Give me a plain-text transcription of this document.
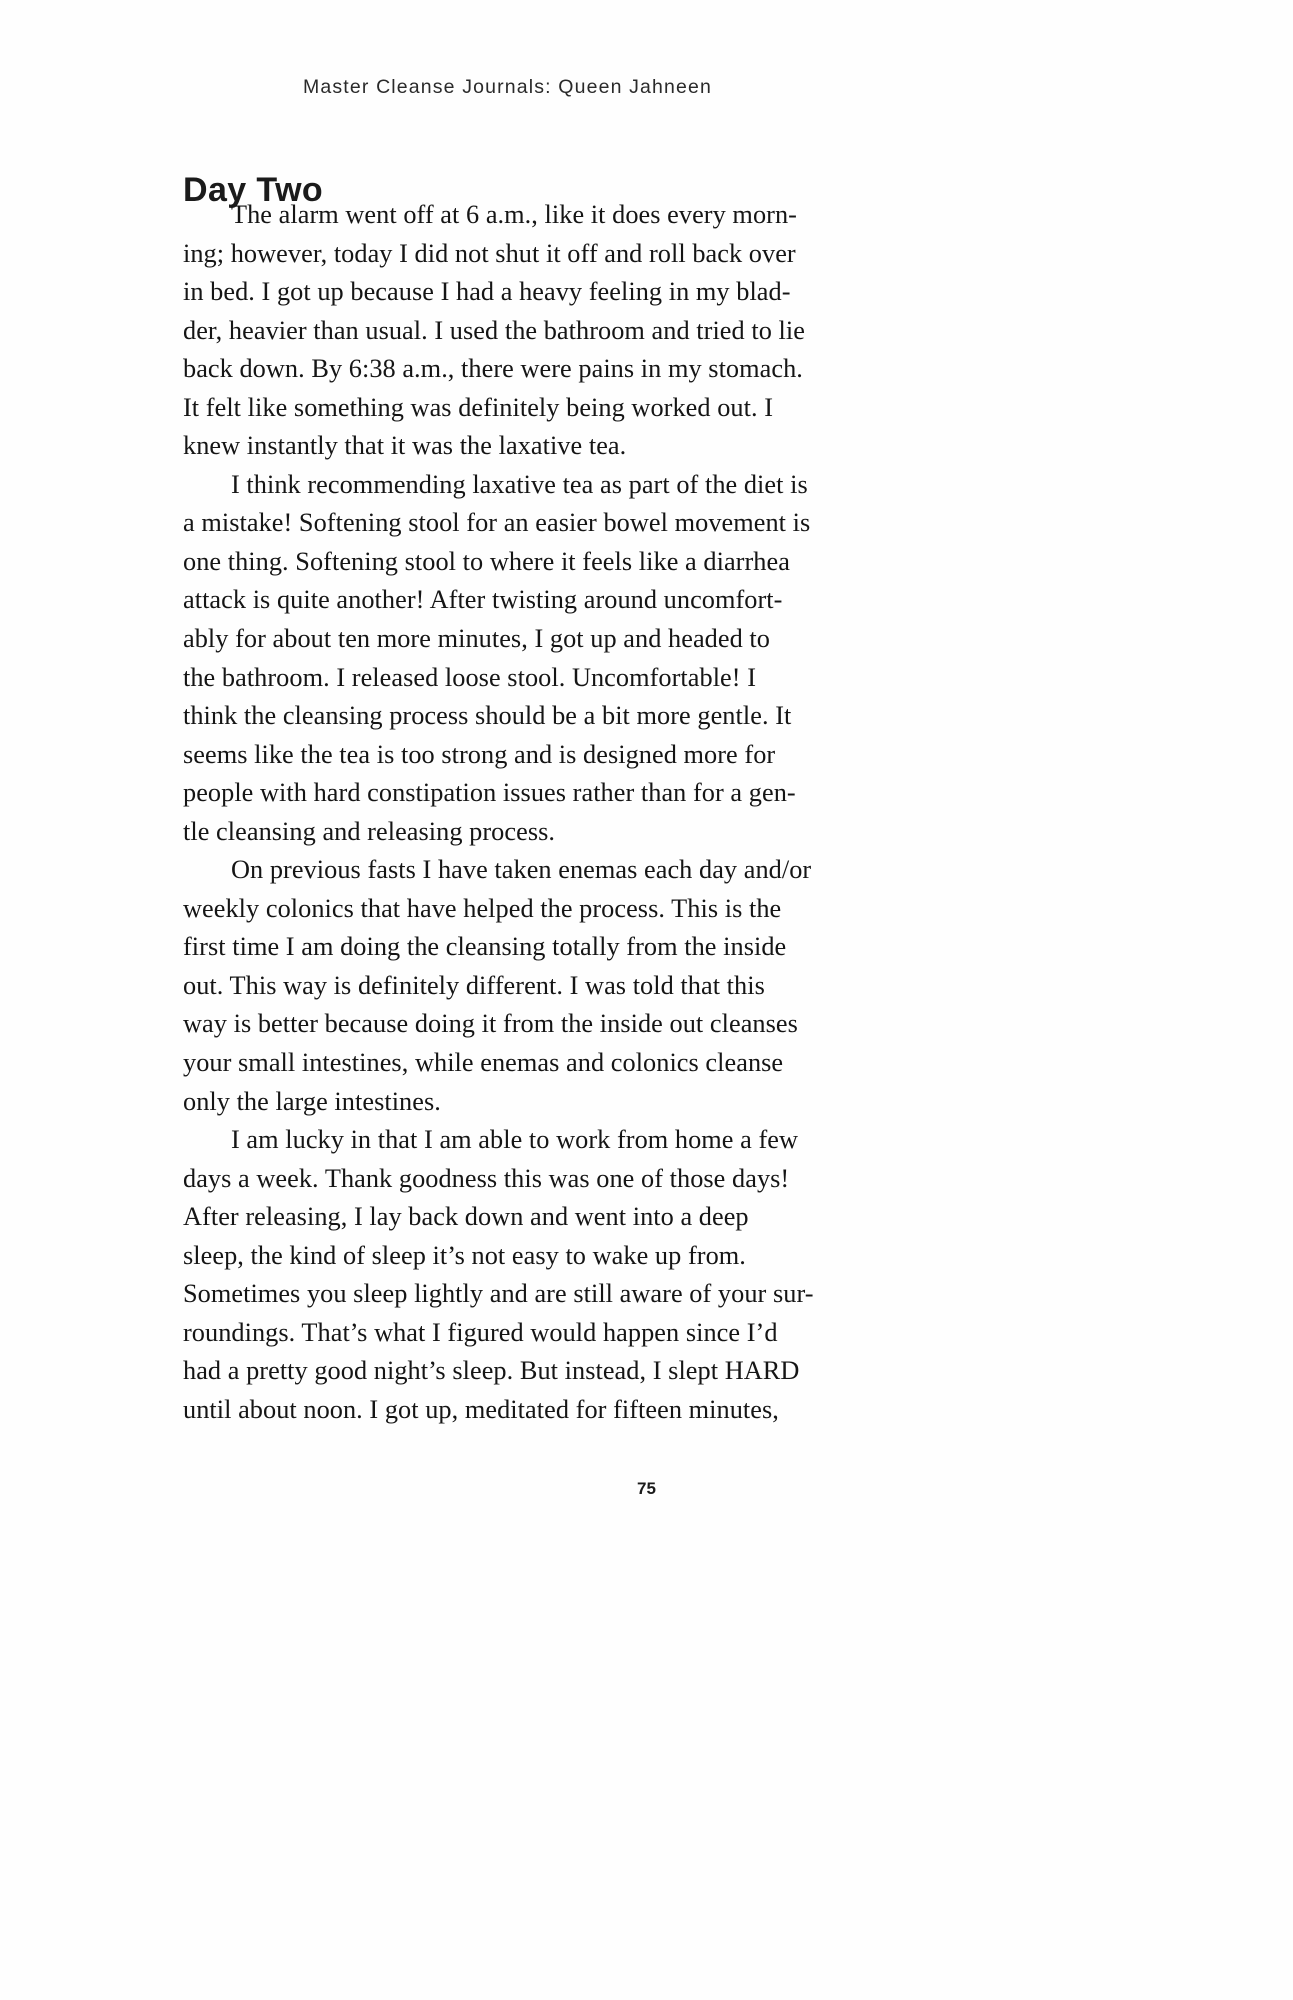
Master Cleanse Journals: Queen Jahneen
Day Two

The alarm went off at 6 a.m., like it does every morn-
ing; however, today I did not shut it off and roll back over
in bed. I got up because I had a heavy feeling in my blad-
der, heavier than usual. I used the bathroom and tried to lie
back down. By 6:38 a.m., there were pains in my stomach.
It felt like something was definitely being worked out. I
knew instantly that it was the laxative tea.

I think recommending laxative tea as part of the diet is
a mistake! Softening stool for an easier bowel movement is
one thing. Softening stool to where it feels like a diarrhea
attack is quite another! After twisting around uncomfort-
ably for about ten more minutes, I got up and headed to
the bathroom. I released loose stool. Uncomfortable! I
think the cleansing process should be a bit more gentle. It
seems like the tea is too strong and is designed more for
people with hard constipation issues rather than for a gen-
tle cleansing and releasing process.

On previous fasts I have taken enemas each day and/or
weekly colonics that have helped the process. This is the
first time I am doing the cleansing totally from the inside
out. This way is definitely different. I was told that this
way is better because doing it from the inside out cleanses
your small intestines, while enemas and colonics cleanse
only the large intestines.

I am lucky in that I am able to work from home a few
days a week. Thank goodness this was one of those days!
After releasing, I lay back down and went into a deep
sleep, the kind of sleep it’s not easy to wake up from.
Sometimes you sleep lightly and are still aware of your sur-
roundings. That’s what I figured would happen since I’d
had a pretty good night’s sleep. But instead, I slept HARD
until about noon. I got up, meditated for fifteen minutes,

75
